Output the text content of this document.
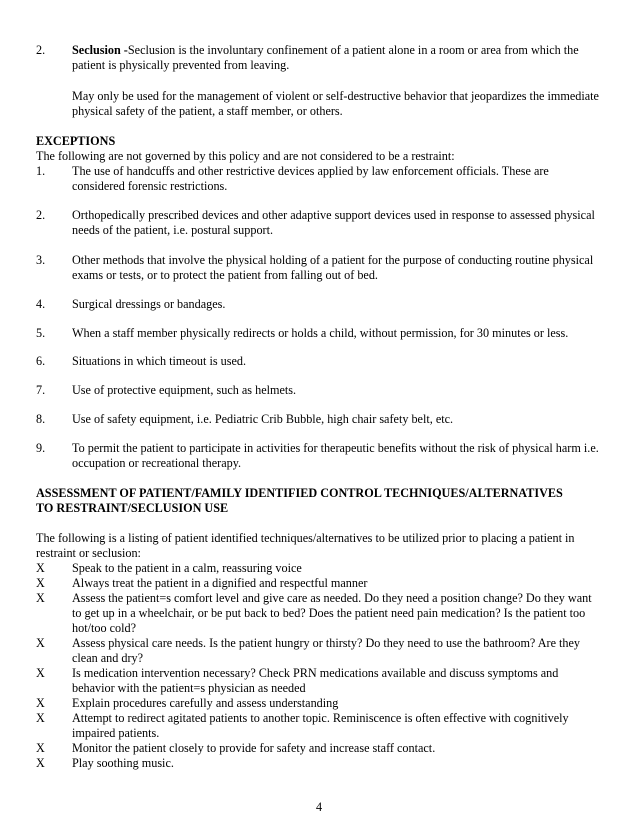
2.	Seclusion -Seclusion is the involuntary confinement of a patient alone in a room or area from which the patient is physically prevented from leaving.
May only be used for the management of violent or self-destructive behavior that jeopardizes the immediate physical safety of the patient, a staff member, or others.
EXCEPTIONS
The following are not governed by this policy and are not considered to be a restraint:
1.	The use of handcuffs and other restrictive devices applied by law enforcement officials. These are considered forensic restrictions.
2.	Orthopedically prescribed devices and other adaptive support devices used in response to assessed physical needs of the patient, i.e. postural support.
3.	Other methods that involve the physical holding of a patient for the purpose of conducting routine physical exams or tests, or to protect the patient from falling out of bed.
4.	Surgical dressings or bandages.
5.	When a staff member physically redirects or holds a child, without permission, for 30 minutes or less.
6.	Situations in which timeout is used.
7.	Use of protective equipment, such as helmets.
8.	Use of safety equipment, i.e. Pediatric Crib Bubble, high chair safety belt, etc.
9.	To permit the patient to participate in activities for therapeutic benefits without the risk of physical harm i.e. occupation or recreational therapy.
ASSESSMENT OF PATIENT/FAMILY IDENTIFIED CONTROL TECHNIQUES/ALTERNATIVES
TO RESTRAINT/SECLUSION USE
The following is a listing of patient identified techniques/alternatives to be utilized prior to placing a patient in restraint or seclusion:
X	Speak to the patient in a calm, reassuring voice
X	Always treat the patient in a dignified and respectful manner
X	Assess the patient=s comfort level and give care as needed. Do they need a position change? Do they want to get up in a wheelchair, or be put back to bed? Does the patient need pain medication? Is the patient too hot/too cold?
X	Assess physical care needs. Is the patient hungry or thirsty? Do they need to use the bathroom? Are they clean and dry?
X	Is medication intervention necessary? Check PRN medications available and discuss symptoms and behavior with the patient=s physician as needed
X	Explain procedures carefully and assess understanding
X	Attempt to redirect agitated patients to another topic. Reminiscence is often effective with cognitively impaired patients.
X	Monitor the patient closely to provide for safety and increase staff contact.
X	Play soothing music.
4
